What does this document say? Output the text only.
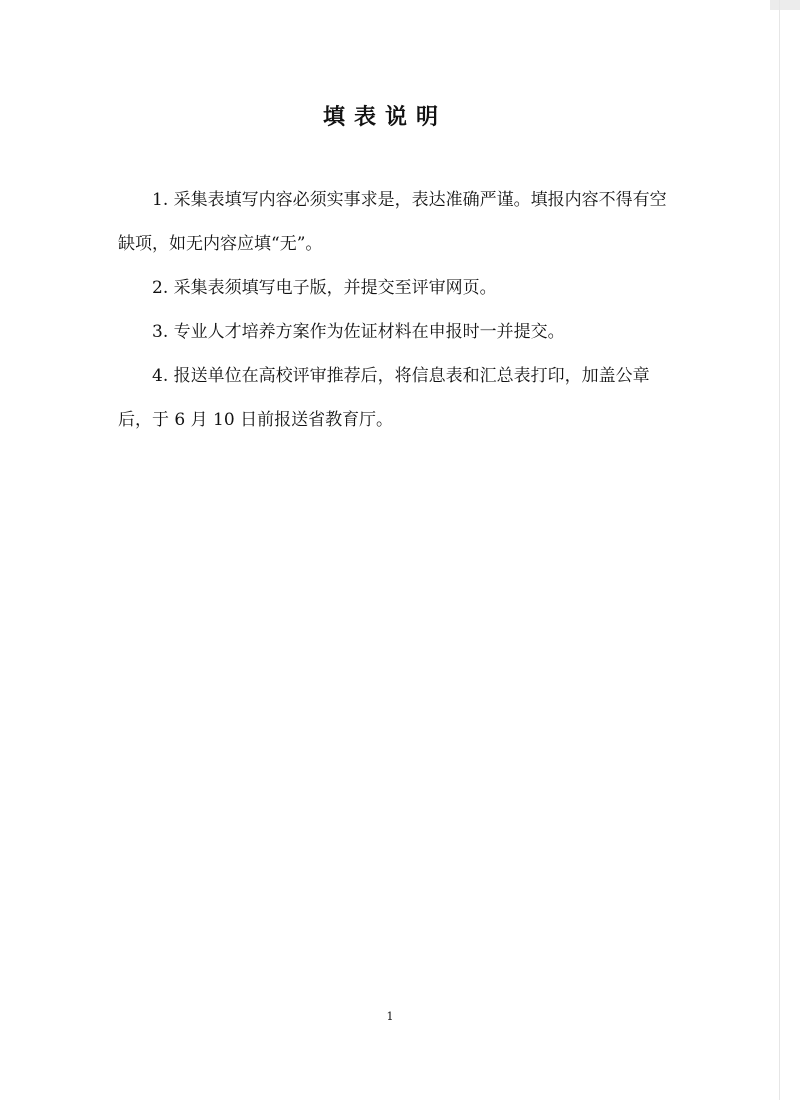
填表说明

1. 采集表填写内容必须实事求是，表达准确严谨。填报内容不得有空缺项，如无内容应填“无”。

2. 采集表须填写电子版，并提交至评审网页。

3. 专业人才培养方案作为佐证材料在申报时一并提交。

4. 报送单位在高校评审推荐后，将信息表和汇总表打印，加盖公章后，于 6 月 10 日前报送省教育厅。

1
